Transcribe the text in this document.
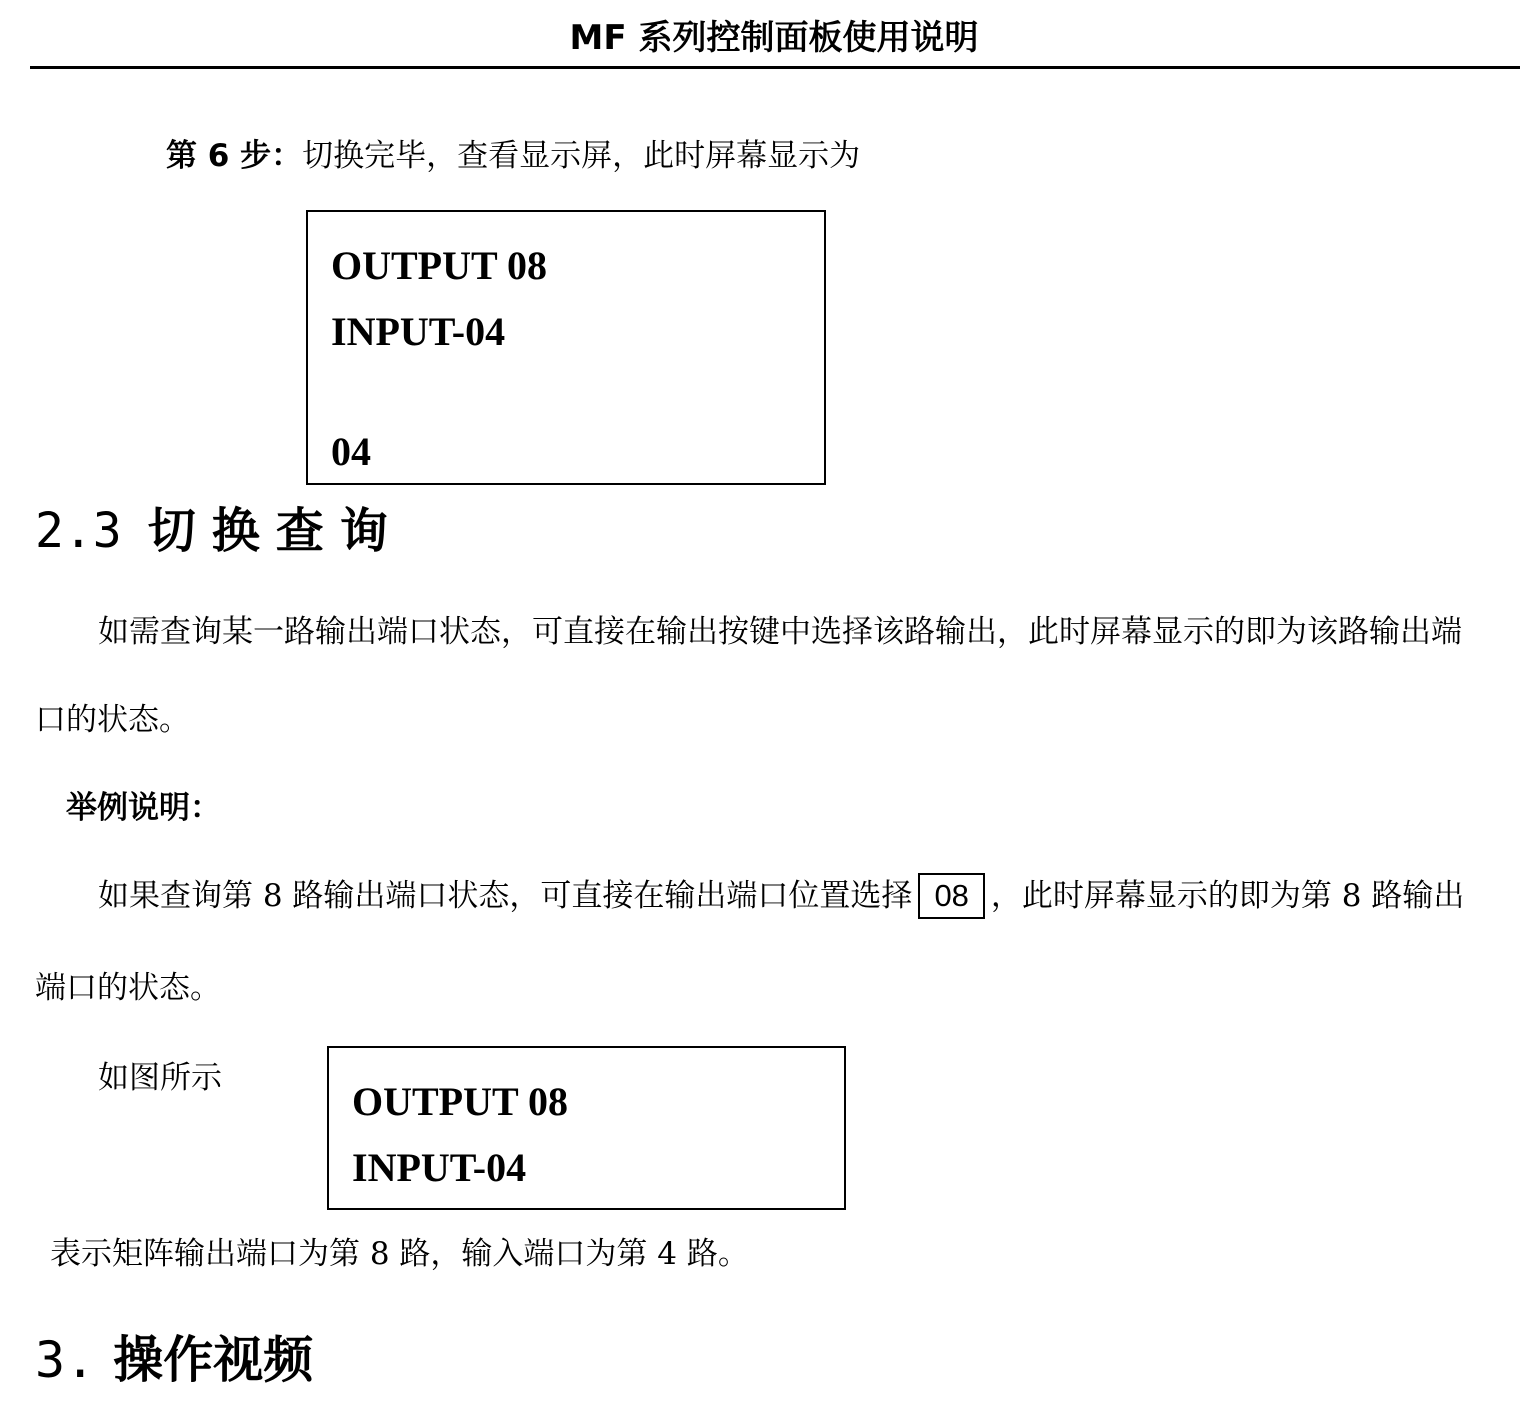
MF 系列控制面板使用说明
第 6 步：切换完毕，查看显示屏，此时屏幕显示为
OUTPUT 08
INPUT-04
04
2.3 切换查询
如需查询某一路输出端口状态，可直接在输出按键中选择该路输出，此时屏幕显示的即为该路输出端
口的状态。
举例说明：
如果查询第 8 路输出端口状态，可直接在输出端口位置选择 08 ，此时屏幕显示的即为第 8 路输出
端口的状态。
如图所示
OUTPUT 08
INPUT-04
表示矩阵输出端口为第 8 路，输入端口为第 4 路。
3. 操作视频
